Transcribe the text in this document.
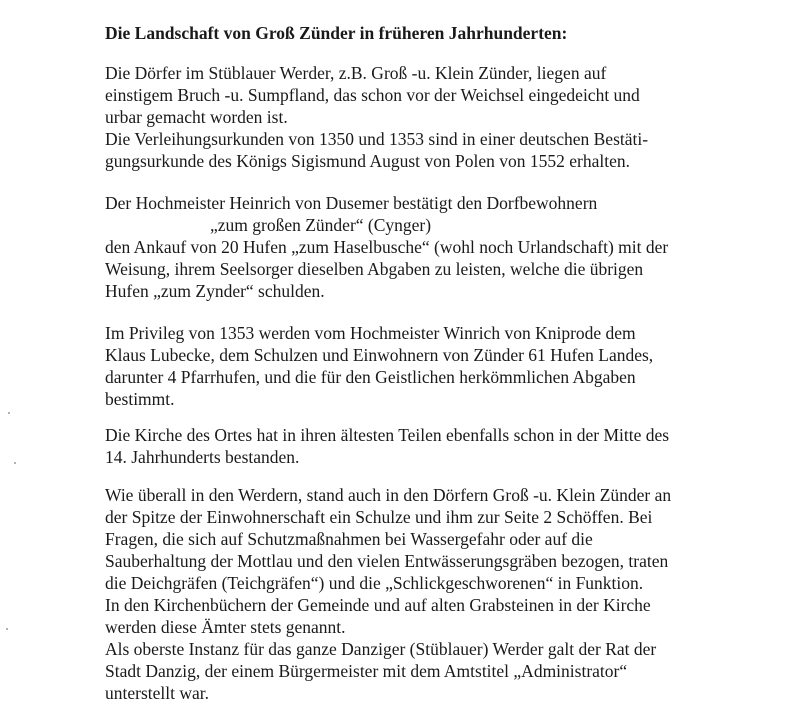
Die Landschaft von Groß Zünder in früheren Jahrhunderten:
Die Dörfer im Stüblauer Werder, z.B. Groß -u. Klein Zünder, liegen auf
einstigem Bruch -u. Sumpfland, das schon vor der Weichsel eingedeicht und
urbar gemacht worden ist.
Die Verleihungsurkunden von 1350 und 1353 sind in einer deutschen Bestäti-
gungsurkunde des Königs Sigismund August von Polen von 1552 erhalten.
Der Hochmeister Heinrich von Dusemer bestätigt den Dorfbewohnern
„zum großen Zünder“ (Cynger)
den Ankauf von 20 Hufen „zum Haselbusche“ (wohl noch Urlandschaft) mit der
Weisung, ihrem Seelsorger dieselben Abgaben zu leisten, welche die übrigen
Hufen „zum Zynder“ schulden.
Im Privileg von 1353 werden vom Hochmeister Winrich von Kniprode dem
Klaus Lubecke, dem Schulzen und Einwohnern von Zünder 61 Hufen Landes,
darunter 4 Pfarrhufen, und die für den Geistlichen herkömmlichen Abgaben
bestimmt.
Die Kirche des Ortes hat in ihren ältesten Teilen ebenfalls schon in der Mitte des
14. Jahrhunderts bestanden.
Wie überall in den Werdern, stand auch in den Dörfern Groß -u. Klein Zünder an
der Spitze der Einwohnerschaft ein Schulze und ihm zur Seite 2 Schöffen. Bei
Fragen, die sich auf Schutzmaßnahmen bei Wassergefahr oder auf die
Sauberhaltung der Mottlau und den vielen Entwässerungsgräben bezogen, traten
die Deichgräfen (Teichgräfen“) und die „Schlickgeschworenen“ in Funktion.
In den Kirchenbüchern der Gemeinde und auf alten Grabsteinen in der Kirche
werden diese Ämter stets genannt.
Als oberste Instanz für das ganze Danziger (Stüblauer) Werder galt der Rat der
Stadt Danzig, der einem Bürgermeister mit dem Amtstitel „Administrator“
unterstellt war.
